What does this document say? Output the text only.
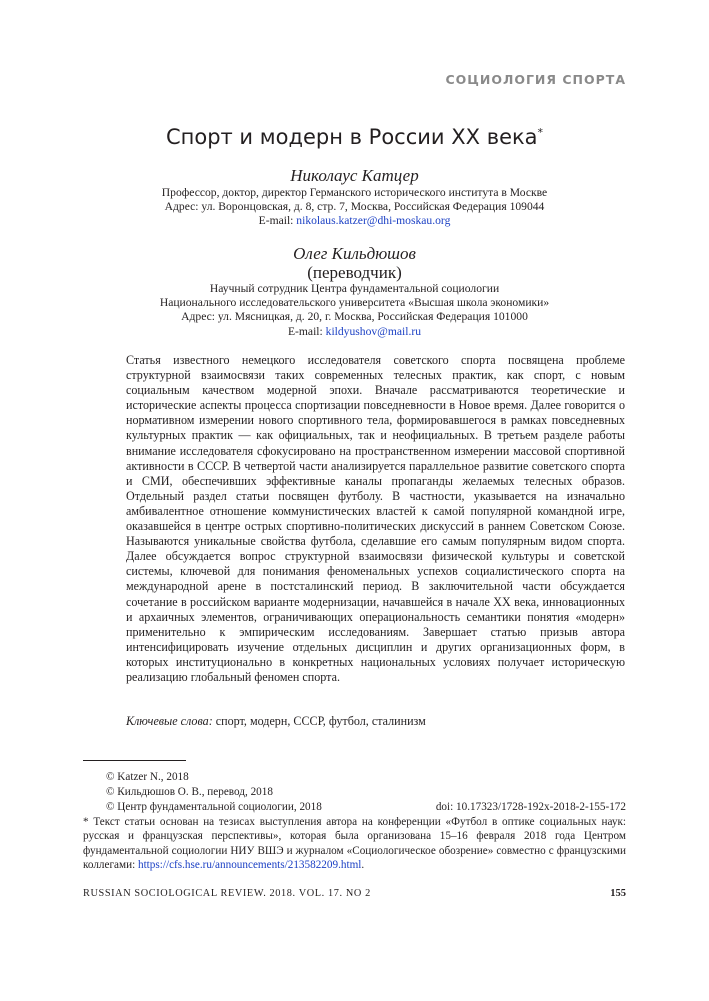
СОЦИОЛОГИЯ СПОРТА
Спорт и модерн в России XX века*
Николаус Катцер
Профессор, доктор, директор Германского исторического института в Москве
Адрес: ул. Воронцовская, д. 8, стр. 7, Москва, Российская Федерация 109044
E-mail: nikolaus.katzer@dhi-moskau.org
Олег Кильдюшов
(переводчик)
Научный сотрудник Центра фундаментальной социологии
Национального исследовательского университета «Высшая школа экономики»
Адрес: ул. Мясницкая, д. 20, г. Москва, Российская Федерация 101000
E-mail: kildyushov@mail.ru
Статья известного немецкого исследователя советского спорта посвящена проблеме структурной взаимосвязи таких современных телесных практик, как спорт, с новым социальным качеством модерной эпохи. Вначале рассматриваются теоретические и исторические аспекты процесса спортизации повседневности в Новое время. Далее говорится о нормативном измерении нового спортивного тела, формировавшегося в рамках повседневных культурных практик — как официальных, так и неофициальных. В третьем разделе работы внимание исследователя сфокусировано на пространственном измерении массовой спортивной активности в СССР. В четвертой части анализируется параллельное развитие советского спорта и СМИ, обеспечивших эффективные каналы пропаганды желаемых телесных образов. Отдельный раздел статьи посвящен футболу. В частности, указывается на изначально амбивалентное отношение коммунистических властей к самой популярной командной игре, оказавшейся в центре острых спортивно-политических дискуссий в раннем Советском Союзе. Называются уникальные свойства футбола, сделавшие его самым популярным видом спорта. Далее обсуждается вопрос структурной взаимосвязи физической культуры и советской системы, ключевой для понимания феноменальных успехов социалистического спорта на международной арене в постсталинский период. В заключительной части обсуждается сочетание в российском варианте модернизации, начавшейся в начале XX века, инновационных и архаичных элементов, ограничивающих операциональность семантики понятия «модерн» применительно к эмпирическим исследованиям. Завершает статью призыв автора интенсифицировать изучение отдельных дисциплин и других организационных форм, в которых институционально в конкретных национальных условиях получает историческую реализацию глобальный феномен спорта.
Ключевые слова: спорт, модерн, СССР, футбол, сталинизм
© Katzer N., 2018
© Кильдюшов О. В., перевод, 2018
© Центр фундаментальной социологии, 2018	doi: 10.17323/1728-192x-2018-2-155-172
* Текст статьи основан на тезисах выступления автора на конференции «Футбол в оптике социальных наук: русская и французская перспективы», которая была организована 15–16 февраля 2018 года Центром фундаментальной социологии НИУ ВШЭ и журналом «Социологическое обозрение» совместно с французскими коллегами: https://cfs.hse.ru/announcements/213582209.html.
RUSSIAN SOCIOLOGICAL REVIEW. 2018. VOL. 17. NO 2	155
